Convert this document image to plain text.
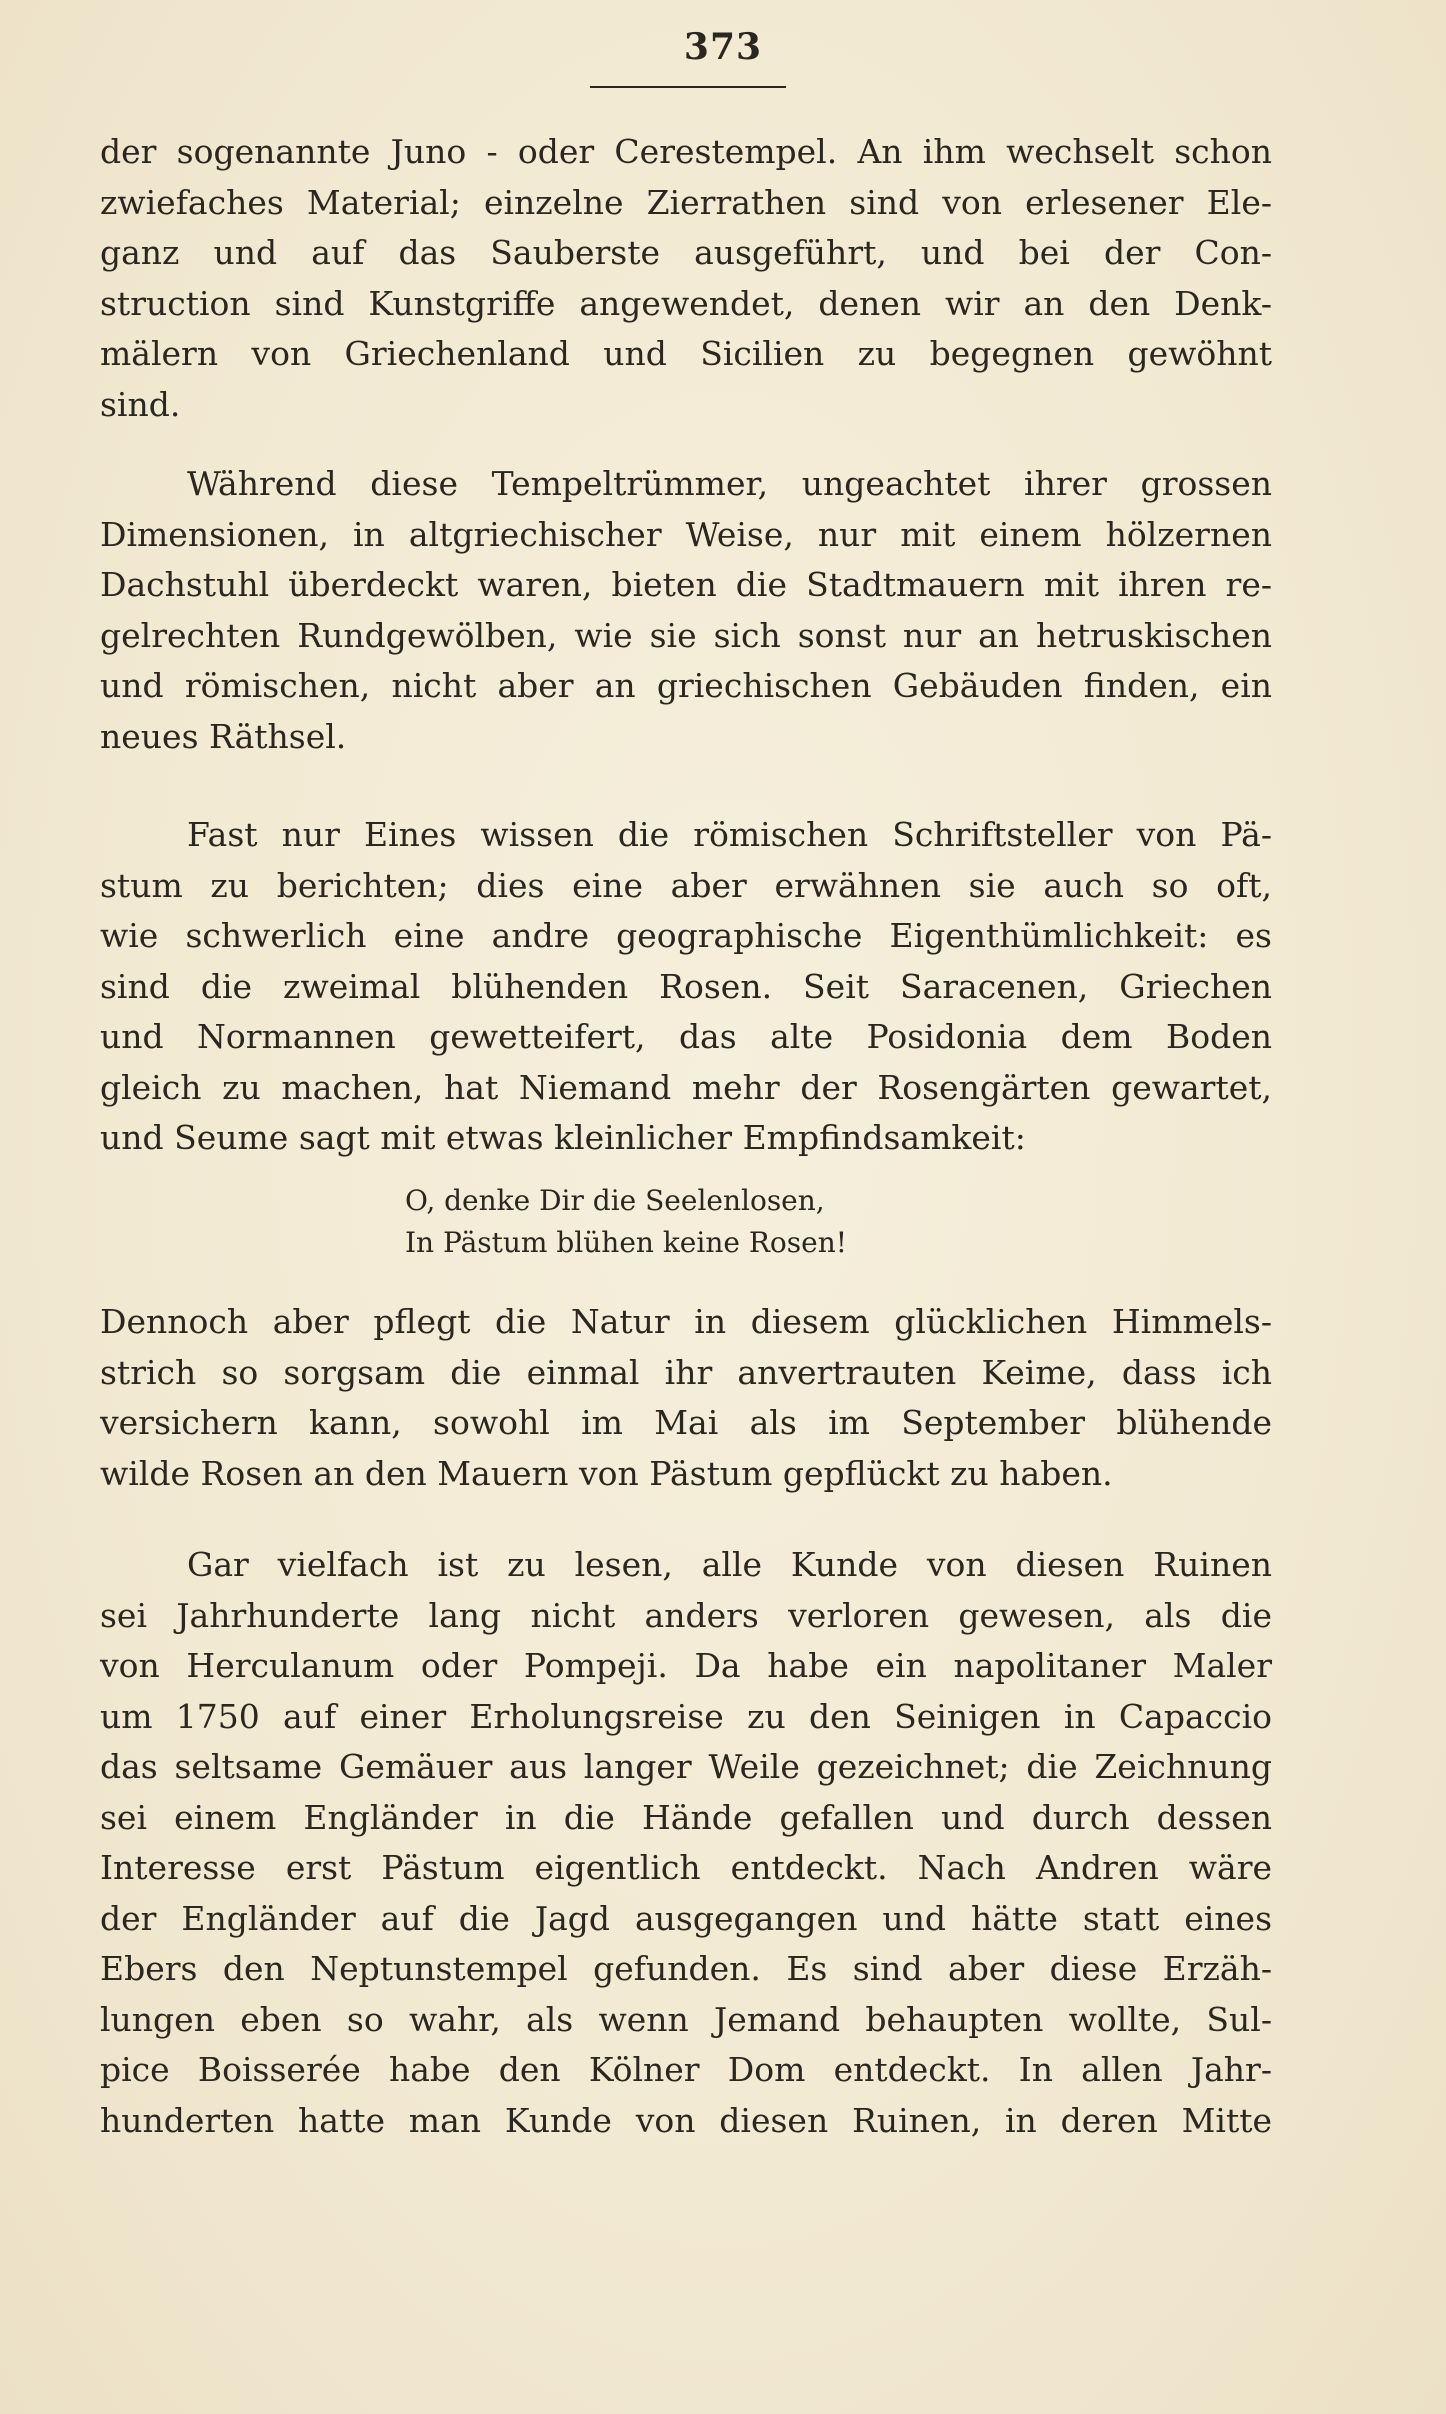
373
der sogenannte Juno - oder Cerestempel. An ihm wechselt schon
zwiefaches Material; einzelne Zierrathen sind von erlesener Ele-
ganz und auf das Sauberste ausgeführt, und bei der Con-
struction sind Kunstgriffe angewendet, denen wir an den Denk-
mälern von Griechenland und Sicilien zu begegnen gewöhnt
sind.
Während diese Tempeltrümmer, ungeachtet ihrer grossen
Dimensionen, in altgriechischer Weise, nur mit einem hölzernen
Dachstuhl überdeckt waren, bieten die Stadtmauern mit ihren re-
gelrechten Rundgewölben, wie sie sich sonst nur an hetruskischen
und römischen, nicht aber an griechischen Gebäuden finden, ein
neues Räthsel.
Fast nur Eines wissen die römischen Schriftsteller von Pä-
stum zu berichten; dies eine aber erwähnen sie auch so oft,
wie schwerlich eine andre geographische Eigenthümlichkeit: es
sind die zweimal blühenden Rosen. Seit Saracenen, Griechen
und Normannen gewetteifert, das alte Posidonia dem Boden
gleich zu machen, hat Niemand mehr der Rosengärten gewartet,
und Seume sagt mit etwas kleinlicher Empfindsamkeit:
O, denke Dir die Seelenlosen,
In Pästum blühen keine Rosen!
Dennoch aber pflegt die Natur in diesem glücklichen Himmels-
strich so sorgsam die einmal ihr anvertrauten Keime, dass ich
versichern kann, sowohl im Mai als im September blühende
wilde Rosen an den Mauern von Pästum gepflückt zu haben.
Gar vielfach ist zu lesen, alle Kunde von diesen Ruinen
sei Jahrhunderte lang nicht anders verloren gewesen, als die
von Herculanum oder Pompeji. Da habe ein napolitaner Maler
um 1750 auf einer Erholungsreise zu den Seinigen in Capaccio
das seltsame Gemäuer aus langer Weile gezeichnet; die Zeichnung
sei einem Engländer in die Hände gefallen und durch dessen
Interesse erst Pästum eigentlich entdeckt. Nach Andren wäre
der Engländer auf die Jagd ausgegangen und hätte statt eines
Ebers den Neptunstempel gefunden. Es sind aber diese Erzäh-
lungen eben so wahr, als wenn Jemand behaupten wollte, Sul-
pice Boisserée habe den Kölner Dom entdeckt. In allen Jahr-
hunderten hatte man Kunde von diesen Ruinen, in deren Mitte
